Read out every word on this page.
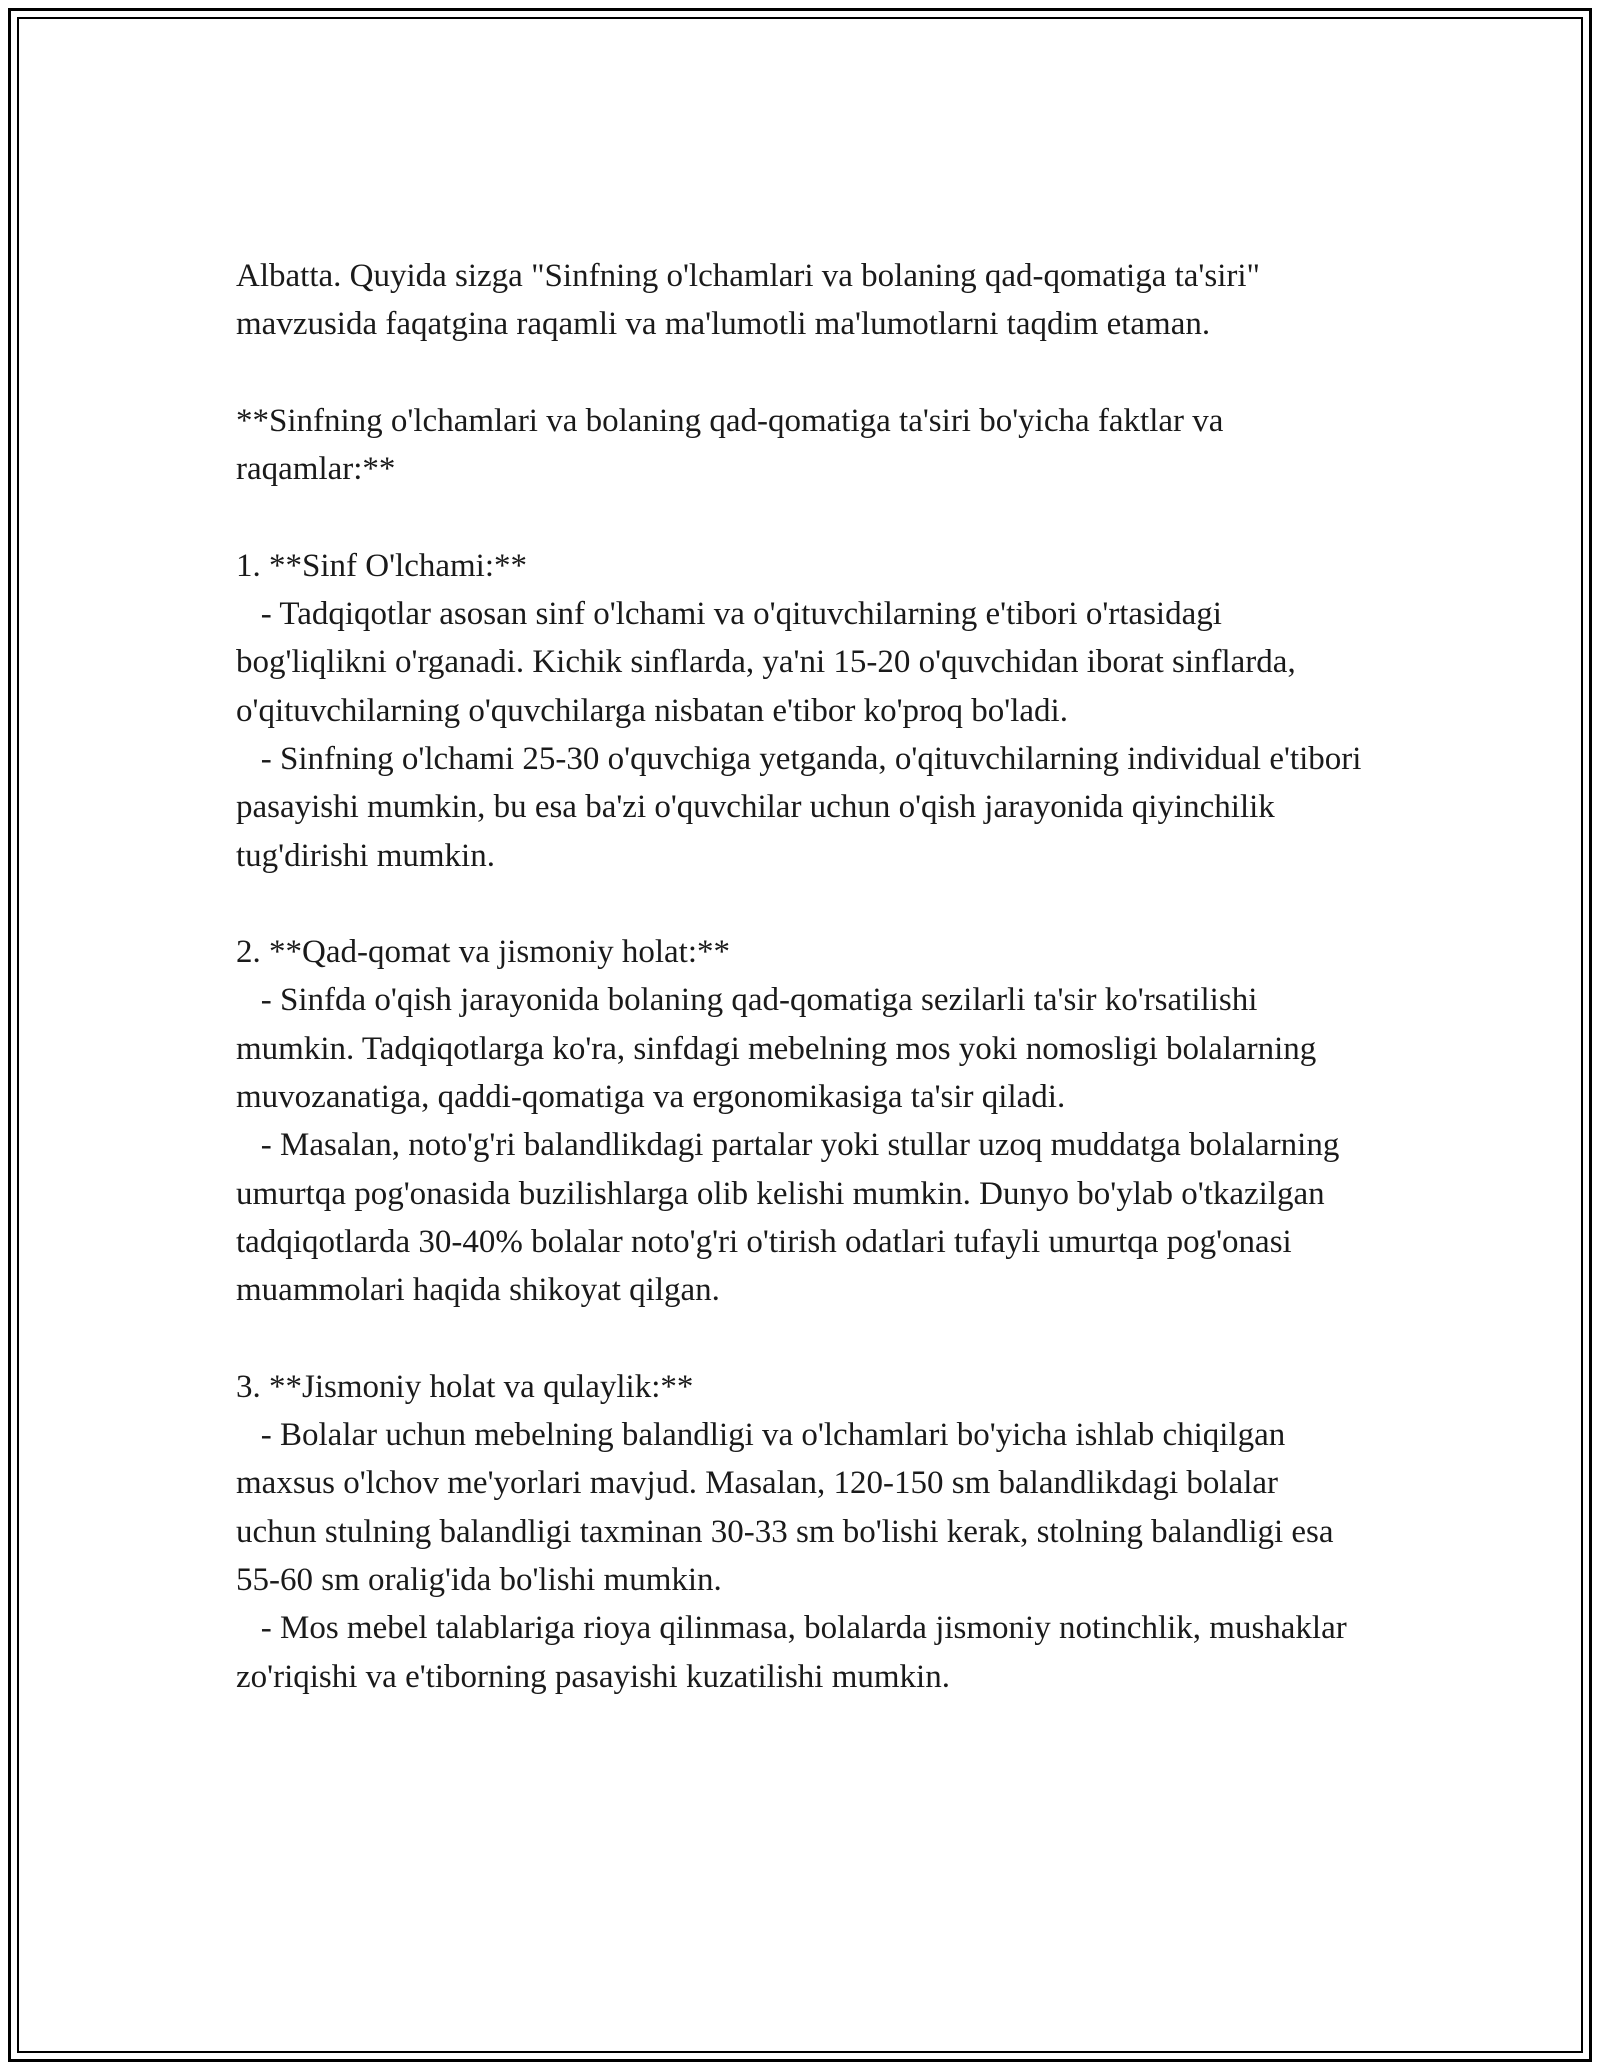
Albatta. Quyida sizga "Sinfning o'lchamlari va bolaning qad-qomatiga ta'siri" mavzusida faqatgina raqamli va ma'lumotli ma'lumotlarni taqdim etaman.

**Sinfning o'lchamlari va bolaning qad-qomatiga ta'siri bo'yicha faktlar va raqamlar:**

1. **Sinf O'lchami:**

- Tadqiqotlar asosan sinf o'lchami va o'qituvchilarning e'tibori o'rtasidagi bog'liqlikni o'rganadi. Kichik sinflarda, ya'ni 15-20 o'quvchidan iborat sinflarda, o'qituvchilarning o'quvchilarga nisbatan e'tibor ko'proq bo'ladi.

- Sinfning o'lchami 25-30 o'quvchiga yetganda, o'qituvchilarning individual e'tibori pasayishi mumkin, bu esa ba'zi o'quvchilar uchun o'qish jarayonida qiyinchilik tug'dirishi mumkin.

2. **Qad-qomat va jismoniy holat:**

- Sinfda o'qish jarayonida bolaning qad-qomatiga sezilarli ta'sir ko'rsatilishi mumkin. Tadqiqotlarga ko'ra, sinfdagi mebelning mos yoki nomosligi bolalarning muvozanatiga, qaddi-qomatiga va ergonomikasiga ta'sir qiladi.

- Masalan, noto'g'ri balandlikdagi partalar yoki stullar uzoq muddatga bolalarning umurtqa pog'onasida buzilishlarga olib kelishi mumkin. Dunyo bo'ylab o'tkazilgan tadqiqotlarda 30-40% bolalar noto'g'ri o'tirish odatlari tufayli umurtqa pog'onasi muammolari haqida shikoyat qilgan.

3. **Jismoniy holat va qulaylik:**

- Bolalar uchun mebelning balandligi va o'lchamlari bo'yicha ishlab chiqilgan maxsus o'lchov me'yorlari mavjud. Masalan, 120-150 sm balandlikdagi bolalar uchun stulning balandligi taxminan 30-33 sm bo'lishi kerak, stolning balandligi esa 55-60 sm oralig'ida bo'lishi mumkin.

- Mos mebel talablariga rioya qilinmasa, bolalarda jismoniy notinchlik, mushaklar zo'riqishi va e'tiborning pasayishi kuzatilishi mumkin.
